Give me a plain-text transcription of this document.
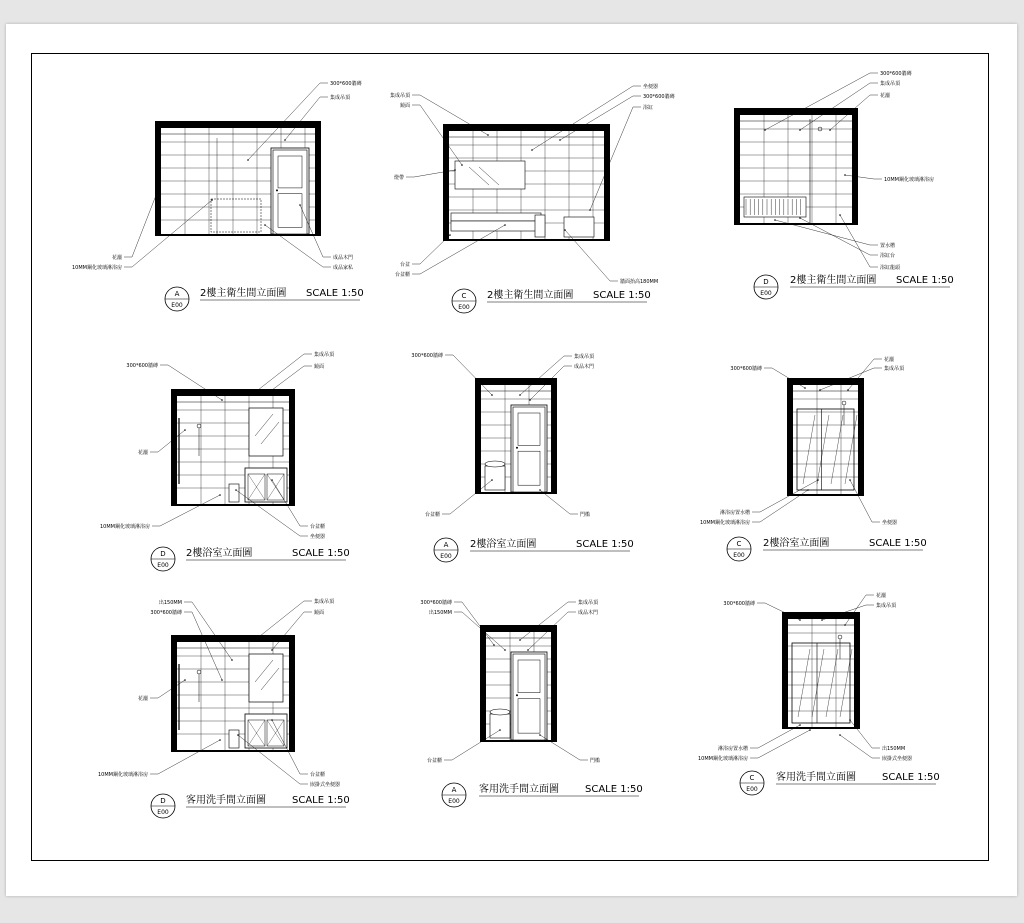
300*600牆磚
集成吊頂
花灑
10MM鋼化玻璃淋浴房
成品木門
成品家私
A
E00
2樓主衛生間立面圖 SCALE 1:50
集成吊頂
鏡面
燈帶
台盆
台盆櫃
坐便器
300*600牆磚
浴缸
牆面抬高180MM
C
E00
2樓主衛生間立面圖 SCALE 1:50
300*600牆磚
集成吊頂
花灑
10MM鋼化玻璃淋浴房
置水槽
浴缸台
浴缸龍頭
D
E00
2樓主衛生間立面圖 SCALE 1:50
300*600牆磚
集成吊頂
鏡面
花灑
10MM鋼化玻璃淋浴房	台盆櫃
坐便器
D
E00
2樓浴室立面圖	SCALE 1:50
300*600牆磚	集成吊頂
成品木門
台盆櫃	門槛
A
E00
2樓浴室立面圖	SCALE 1:50
花灑
集成吊頂
300*600牆磚
淋浴房置水槽
10MM鋼化玻璃淋浴房	坐便器
C
E00
2樓浴室立面圖	SCALE 1:50
出150MM
300*600牆磚
集成吊頂
鏡面
花灑
10MM鋼化玻璃淋浴房	台盆櫃
嵌掛式坐便器
D
E00
客用洗手間立面圖	SCALE 1:50
300*600牆磚
出150MM
集成吊頂
成品木門
台盆櫃	門槛
A
E00
客用洗手間立面圖	SCALE 1:50
300*600牆磚
花灑
集成吊頂
淋浴房置水槽
10MM鋼化玻璃淋浴房
出150MM
嵌掛式坐便器
C
E00
客用洗手間立面圖	SCALE 1:50
